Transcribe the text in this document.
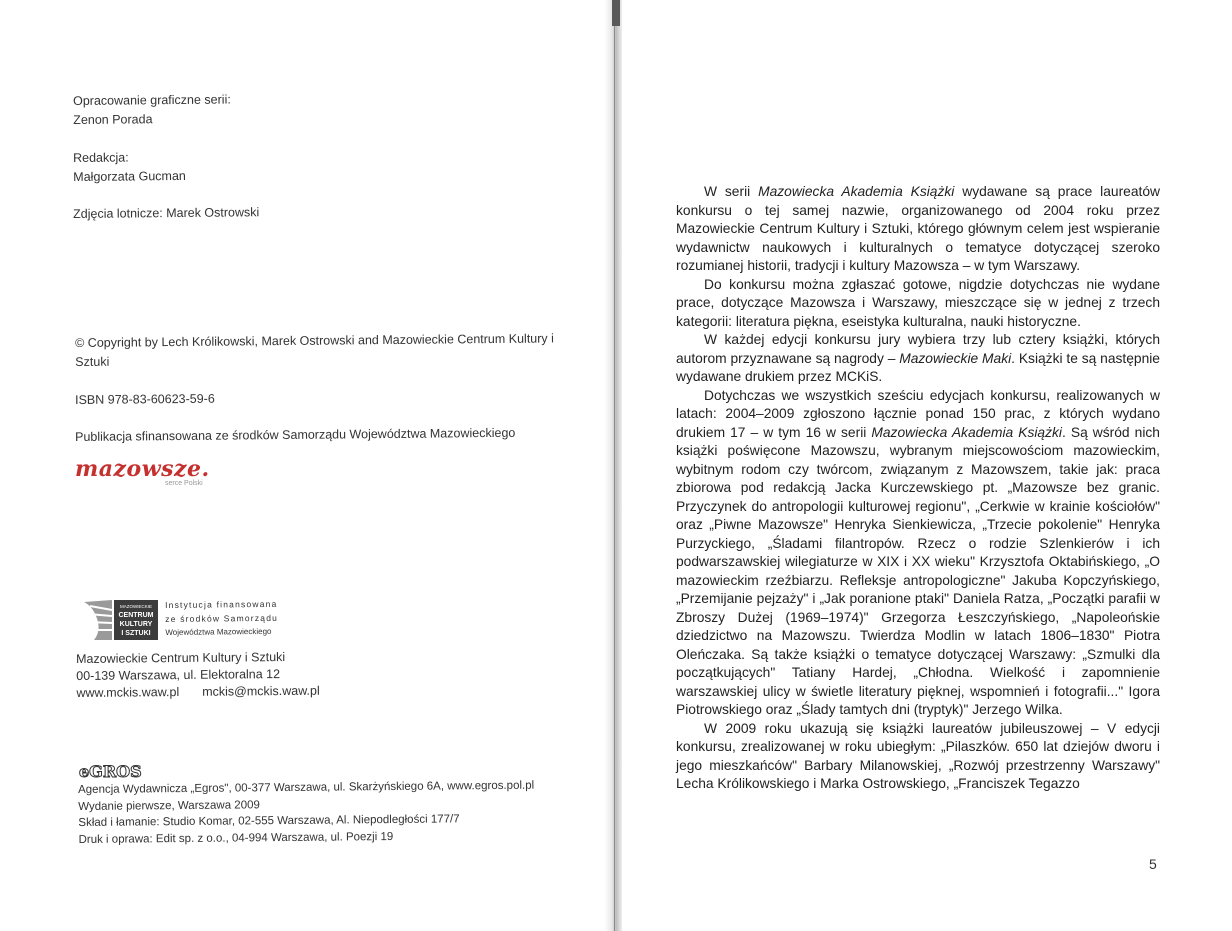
Opracowanie graficzne serii:
Zenon Porada
Redakcja:
Małgorzata Gucman
Zdjęcia lotnicze: Marek Ostrowski
© Copyright by Lech Królikowski, Marek Ostrowski and Mazowieckie Centrum Kultury i Sztuki
ISBN 978-83-60623-59-6
Publikacja sfinansowana ze środków Samorządu Województwa Mazowieckiego
mazowsze.
serce Polski
MAZOWIECKIE
CENTRUM
KULTURY
I SZTUKI
Instytucja finansowana
ze środków Samorządu
Województwa Mazowieckiego
Mazowieckie Centrum Kultury i Sztuki
00-139 Warszawa, ul. Elektoralna 12
www.mckis.waw.pl mckis@mckis.waw.pl
eGROS
Agencja Wydawnicza „Egros", 00-377 Warszawa, ul. Skarżyńskiego 6A, www.egros.pol.pl
Wydanie pierwsze, Warszawa 2009
Skład i łamanie: Studio Komar, 02-555 Warszawa, Al. Niepodległości 177/7
Druk i oprawa: Edit sp. z o.o., 04-994 Warszawa, ul. Poezji 19

W serii Mazowiecka Akademia Książki wydawane są prace laureatów konkursu o tej samej nazwie, organizowanego od 2004 roku przez Mazowieckie Centrum Kultury i Sztuki, którego głównym celem jest wspieranie wydawnictw naukowych i kulturalnych o tematyce dotyczącej szeroko rozumianej historii, tradycji i kultury Mazowsza – w tym Warszawy.

Do konkursu można zgłaszać gotowe, nigdzie dotychczas nie wydane prace, dotyczące Mazowsza i Warszawy, mieszczące się w jednej z trzech kategorii: literatura piękna, eseistyka kulturalna, nauki historyczne.

W każdej edycji konkursu jury wybiera trzy lub cztery książki, których autorom przyznawane są nagrody – Mazowieckie Maki. Książki te są następnie wydawane drukiem przez MCKiS.

Dotychczas we wszystkich sześciu edycjach konkursu, realizowanych w latach: 2004–2009 zgłoszono łącznie ponad 150 prac, z których wydano drukiem 17 – w tym 16 w serii Mazowiecka Akademia Książki. Są wśród nich książki poświęcone Mazowszu, wybranym miejscowościom mazowieckim, wybitnym rodom czy twórcom, związanym z Mazowszem, takie jak: praca zbiorowa pod redakcją Jacka Kurczewskiego pt. „Mazowsze bez granic. Przyczynek do antropologii kulturowej regionu", „Cerkwie w krainie kościołów" oraz „Piwne Mazowsze" Henryka Sienkiewicza, „Trzecie pokolenie" Henryka Purzyckiego, „Śladami filantropów. Rzecz o rodzie Szlenkierów i ich podwarszawskiej wilegiaturze w XIX i XX wieku" Krzysztofa Oktabińskiego, „O mazowieckim rzeźbiarzu. Refleksje antropologiczne" Jakuba Kopczyńskiego, „Przemijanie pejzaży" i „Jak poranione ptaki" Daniela Ratza, „Początki parafii w Zbroszy Dużej (1969–1974)" Grzegorza Łeszczyńskiego, „Napoleońskie dziedzictwo na Mazowszu. Twierdza Modlin w latach 1806–1830" Piotra Oleńczaka. Są także książki o tematyce dotyczącej Warszawy: „Szmulki dla początkujących" Tatiany Hardej, „Chłodna. Wielkość i zapomnienie warszawskiej ulicy w świetle literatury pięknej, wspomnień i fotografii..." Igora Piotrowskiego oraz „Ślady tamtych dni (tryptyk)" Jerzego Wilka.

W 2009 roku ukazują się książki laureatów jubileuszowej – V edycji konkursu, zrealizowanej w roku ubiegłym: „Pilaszków. 650 lat dziejów dworu i jego mieszkańców" Barbary Milanowskiej, „Rozwój przestrzenny Warszawy" Lecha Królikowskiego i Marka Ostrowskiego, „Franciszek Tegazzo

5
